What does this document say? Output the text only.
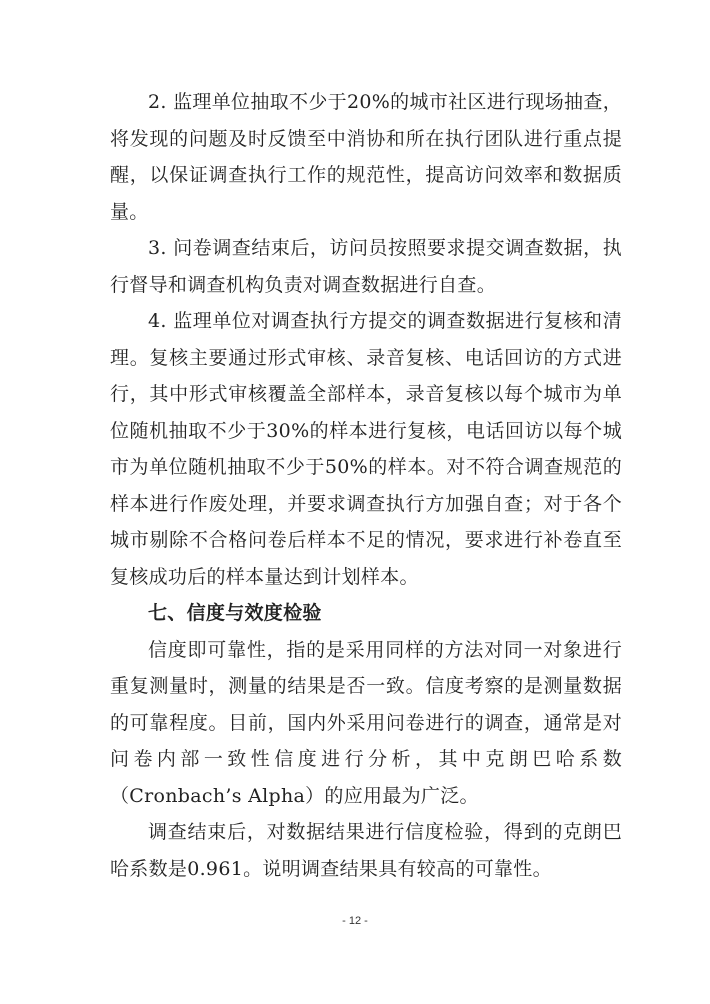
2. 监理单位抽取不少于20%的城市社区进行现场抽查，将发现的问题及时反馈至中消协和所在执行团队进行重点提醒，以保证调查执行工作的规范性，提高访问效率和数据质量。

3. 问卷调查结束后，访问员按照要求提交调查数据，执行督导和调查机构负责对调查数据进行自查。

4. 监理单位对调查执行方提交的调查数据进行复核和清理。复核主要通过形式审核、录音复核、电话回访的方式进行，其中形式审核覆盖全部样本，录音复核以每个城市为单位随机抽取不少于30%的样本进行复核，电话回访以每个城市为单位随机抽取不少于50%的样本。对不符合调查规范的样本进行作废处理，并要求调查执行方加强自查；对于各个城市剔除不合格问卷后样本不足的情况，要求进行补卷直至复核成功后的样本量达到计划样本。

七、信度与效度检验

信度即可靠性，指的是采用同样的方法对同一对象进行重复测量时，测量的结果是否一致。信度考察的是测量数据的可靠程度。目前，国内外采用问卷进行的调查，通常是对问卷内部一致性信度进行分析，其中克朗巴哈系数（Cronbach’s Alpha）的应用最为广泛。

调查结束后，对数据结果进行信度检验，得到的克朗巴哈系数是0.961。说明调查结果具有较高的可靠性。

- 12 -
